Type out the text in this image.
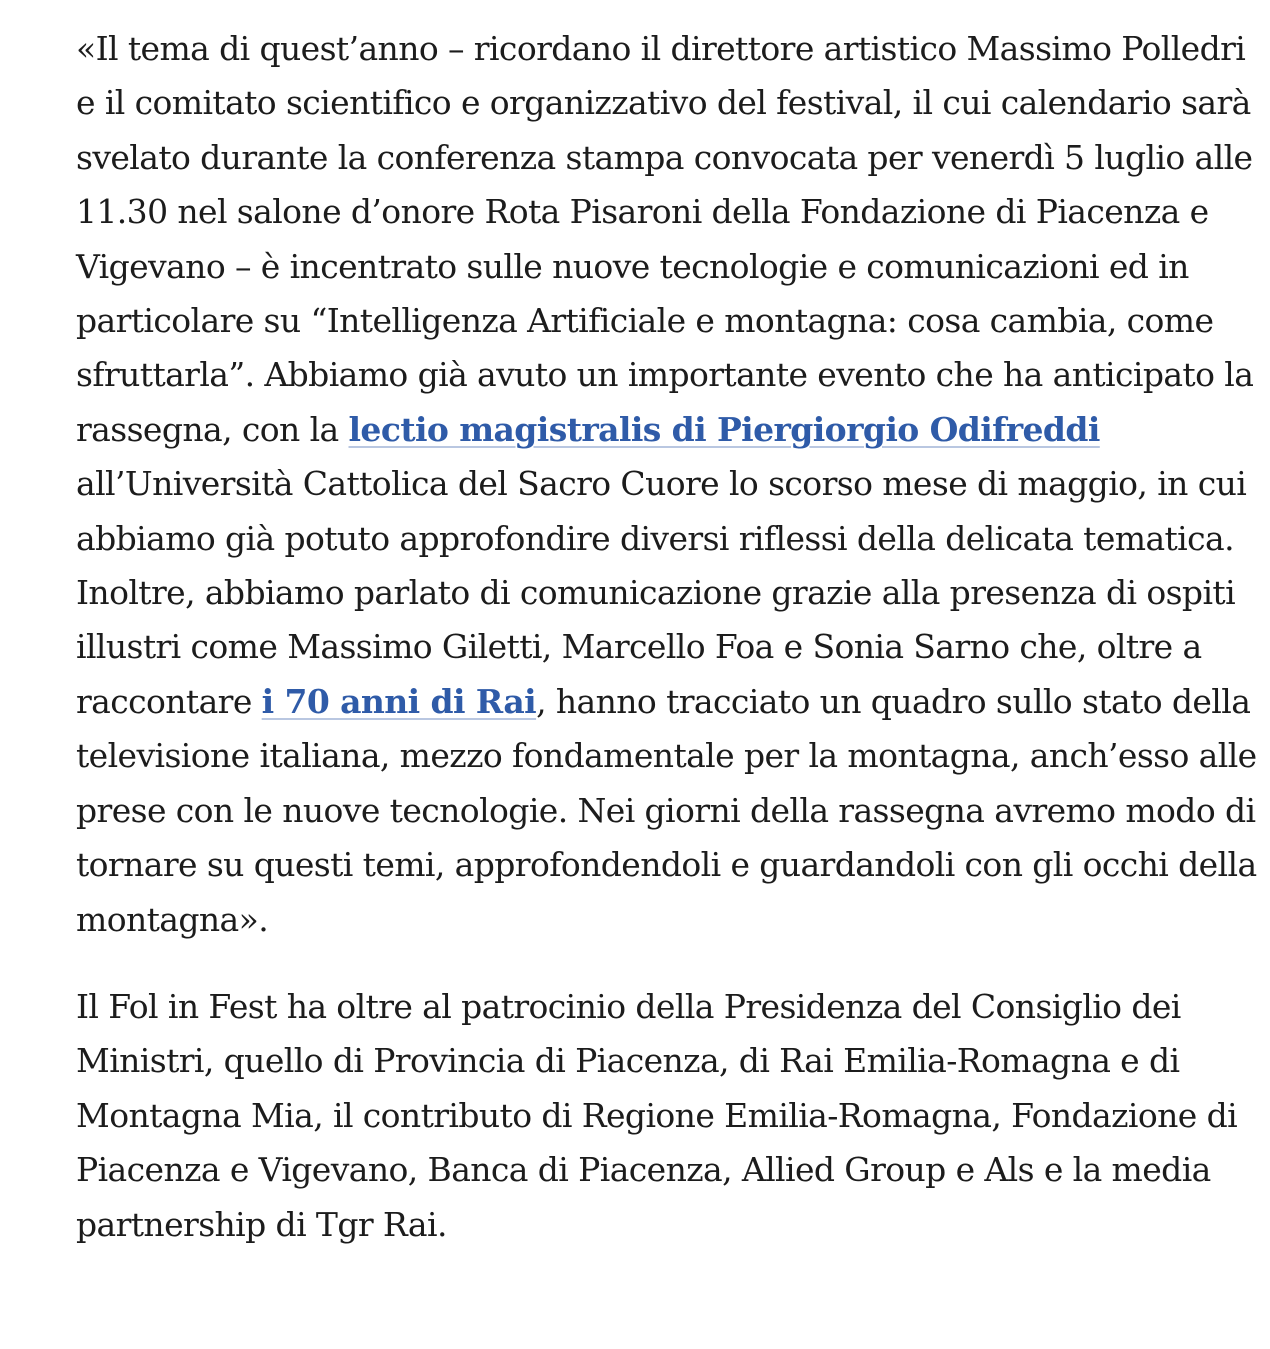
«Il tema di quest’anno – ricordano il direttore artistico Massimo Polledri e il comitato scientifico e organizzativo del festival, il cui calendario sarà svelato durante la conferenza stampa convocata per venerdì 5 luglio alle 11.30 nel salone d’onore Rota Pisaroni della Fondazione di Piacenza e Vigevano – è incentrato sulle nuove tecnologie e comunicazioni ed in particolare su “Intelligenza Artificiale e montagna: cosa cambia, come sfruttarla”. Abbiamo già avuto un importante evento che ha anticipato la rassegna, con la lectio magistralis di Piergiorgio Odifreddi all’Università Cattolica del Sacro Cuore lo scorso mese di maggio, in cui abbiamo già potuto approfondire diversi riflessi della delicata tematica. Inoltre, abbiamo parlato di comunicazione grazie alla presenza di ospiti illustri come Massimo Giletti, Marcello Foa e Sonia Sarno che, oltre a raccontare i 70 anni di Rai, hanno tracciato un quadro sullo stato della televisione italiana, mezzo fondamentale per la montagna, anch’esso alle prese con le nuove tecnologie. Nei giorni della rassegna avremo modo di tornare su questi temi, approfondendoli e guardandoli con gli occhi della montagna».

Il Fol in Fest ha oltre al patrocinio della Presidenza del Consiglio dei Ministri, quello di Provincia di Piacenza, di Rai Emilia-Romagna e di Montagna Mia, il contributo di Regione Emilia-Romagna, Fondazione di Piacenza e Vigevano, Banca di Piacenza, Allied Group e Als e la media partnership di Tgr Rai.
